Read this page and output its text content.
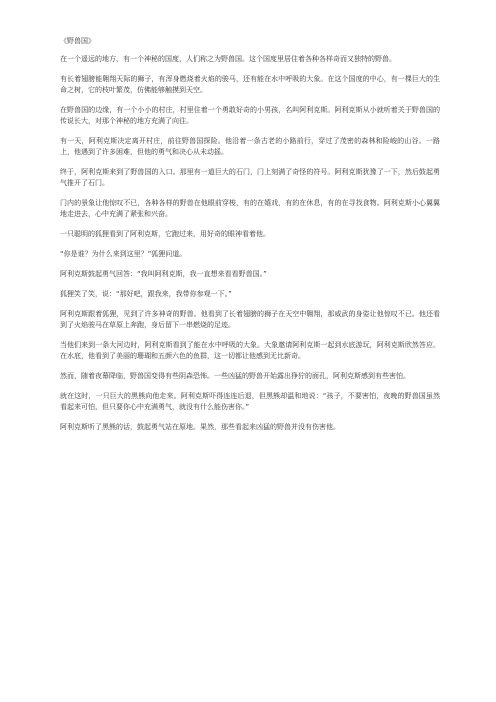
《野兽国》

在一个遥远的地方，有一个神秘的国度，人们称之为野兽国。这个国度里居住着各种各样奇而又独特的野兽。

有长着翅膀能翱翔天际的狮子，有浑身燃烧着火焰的骏马，还有能在水中呼吸的大象。在这个国度的中心，有一棵巨大的生命之树，它的枝叶繁茂，仿佛能够触摸到天空。

在野兽国的边缘，有一个小小的村庄，村里住着一个勇敢好奇的小男孩，名叫阿利克斯。阿利克斯从小就听着关于野兽国的传说长大，对那个神秘的地方充满了向往。

有一天，阿利克斯决定离开村庄，前往野兽国探险。他沿着一条古老的小路前行，穿过了茂密的森林和险峻的山谷。一路上，他遇到了许多困难，但他的勇气和决心从未动摇。

终于，阿利克斯来到了野兽国的入口。那里有一道巨大的石门，门上刻满了奇怪的符号。阿利克斯犹豫了一下，然后鼓起勇气推开了石门。

门内的景象让他惊叹不已，各种各样的野兽在他眼前穿梭，有的在嬉戏，有的在休息，有的在寻找食物。阿利克斯小心翼翼地走进去，心中充满了紧张和兴奋。

一只聪明的狐狸看到了阿利克斯，它跑过来，用好奇的眼神看着他。

“你是谁？为什么来到这里？”狐狸问道。

阿利克斯鼓起勇气回答：“我叫阿利克斯，我一直想来看看野兽国。”

狐狸笑了笑，说：“那好吧，跟我来，我带你参观一下。”

阿利克斯跟着狐狸，见到了许多神奇的野兽。他看到了长着翅膀的狮子在天空中翱翔，那威武的身姿让他惊叹不已。他还看到了火焰骏马在草原上奔跑，身后留下一串燃烧的足迹。

当他们来到一条大河边时，阿利克斯看到了能在水中呼吸的大象。大象邀请阿利克斯一起到水底游玩，阿利克斯欣然答应。在水底，他看到了美丽的珊瑚和五颜六色的鱼群，这一切都让他感到无比新奇。

然而，随着夜幕降临，野兽国变得有些阴森恐怖。一些凶猛的野兽开始露出狰狞的面孔，阿利克斯感到有些害怕。

就在这时，一只巨大的黑熊向他走来。阿利克斯吓得连连后退，但黑熊却温和地说：“孩子，不要害怕，夜晚的野兽国虽然看起来可怕，但只要你心中充满勇气，就没有什么能伤害你。”

阿利克斯听了黑熊的话，鼓起勇气站在原地。果然，那些看起来凶猛的野兽并没有伤害他。
